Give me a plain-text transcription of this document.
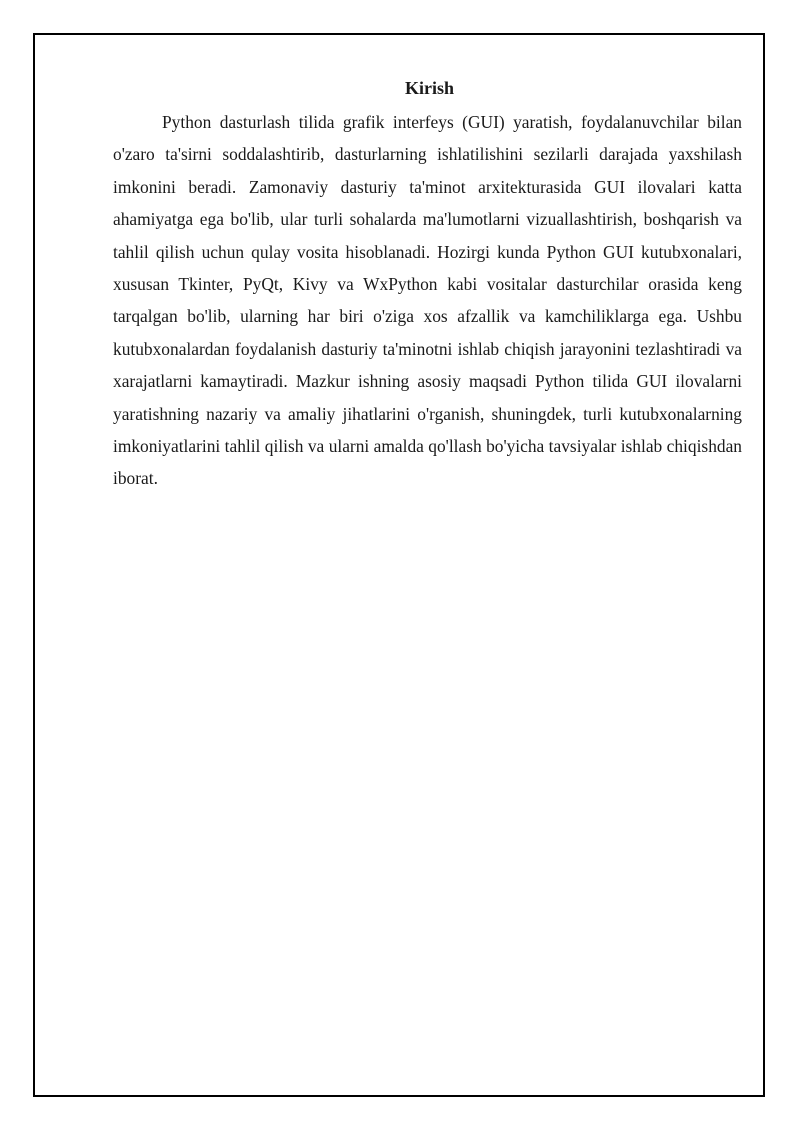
Kirish

Python dasturlash tilida grafik interfeys (GUI) yaratish, foydalanuvchilar bilan o'zaro ta'sirni soddalashtirib, dasturlarning ishlatilishini sezilarli darajada yaxshilash imkonini beradi. Zamonaviy dasturiy ta'minot arxitekturasida GUI ilovalari katta ahamiyatga ega bo'lib, ular turli sohalarda ma'lumotlarni vizuallashtirish, boshqarish va tahlil qilish uchun qulay vosita hisoblanadi. Hozirgi kunda Python GUI kutubxonalari, xususan Tkinter, PyQt, Kivy va WxPython kabi vositalar dasturchilar orasida keng tarqalgan bo'lib, ularning har biri o'ziga xos afzallik va kamchiliklarga ega. Ushbu kutubxonalardan foydalanish dasturiy ta'minotni ishlab chiqish jarayonini tezlashtiradi va xarajatlarni kamaytiradi. Mazkur ishning asosiy maqsadi Python tilida GUI ilovalarni yaratishning nazariy va amaliy jihatlarini o'rganish, shuningdek, turli kutubxonalarning imkoniyatlarini tahlil qilish va ularni amalda qo'llash bo'yicha tavsiyalar ishlab chiqishdan iborat.
